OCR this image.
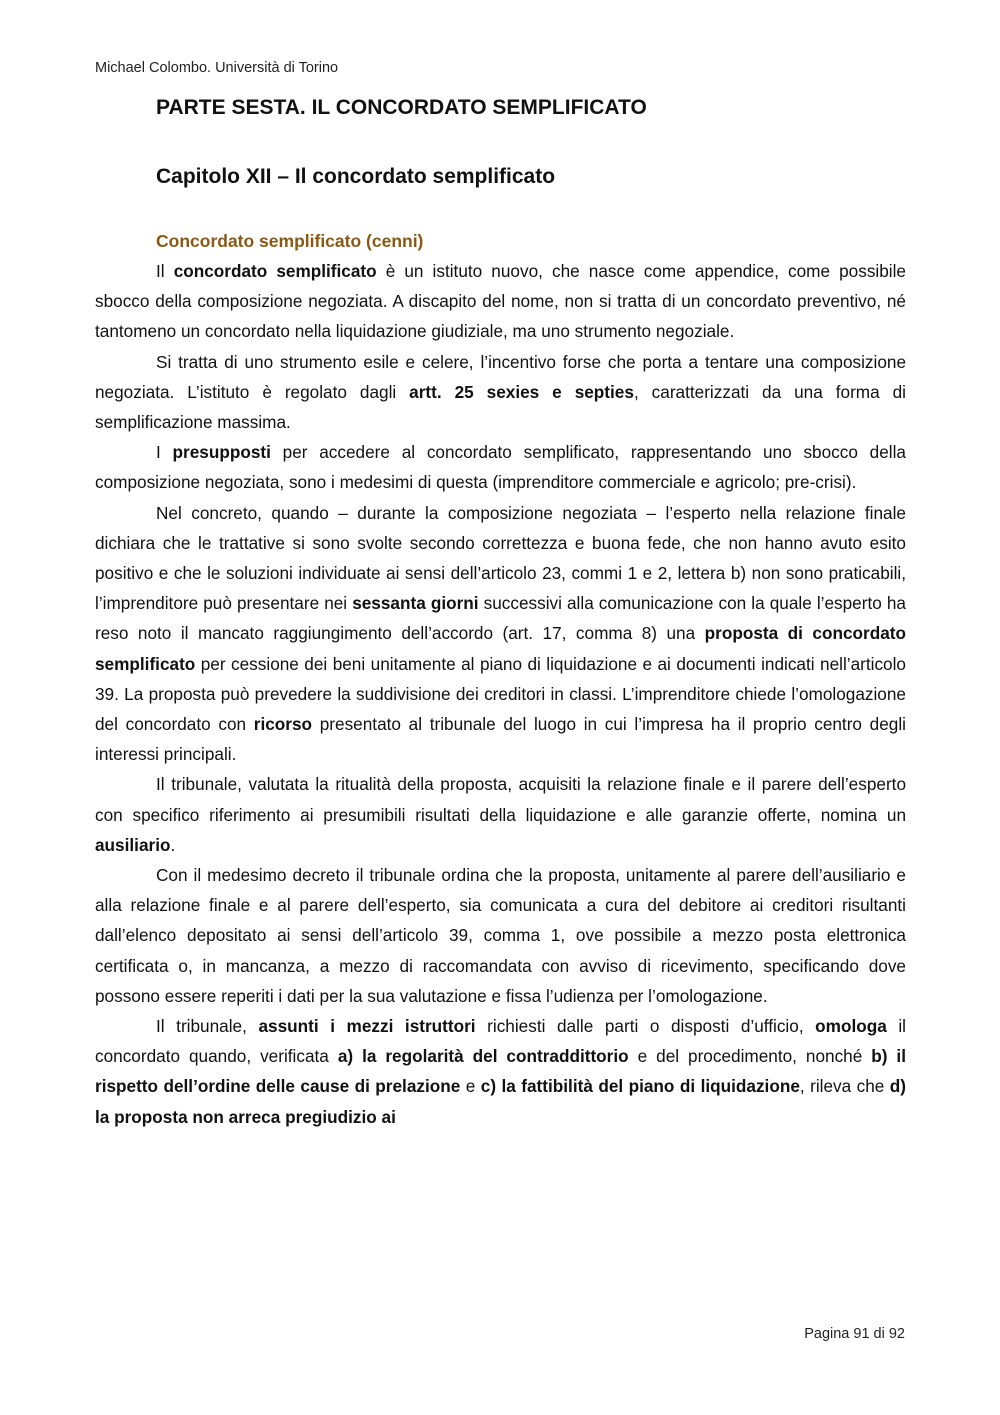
Michael Colombo. Università di Torino
PARTE SESTA. IL CONCORDATO SEMPLIFICATO
Capitolo XII – Il concordato semplificato
Concordato semplificato (cenni)

Il concordato semplificato è un istituto nuovo, che nasce come appendice, come possibile sbocco della composizione negoziata. A discapito del nome, non si tratta di un concordato preventivo, né tantomeno un concordato nella liquidazione giudiziale, ma uno strumento negoziale.

Si tratta di uno strumento esile e celere, l’incentivo forse che porta a tentare una composizione negoziata. L’istituto è regolato dagli artt. 25 sexies e septies, caratterizzati da una forma di semplificazione massima.

I presupposti per accedere al concordato semplificato, rappresentando uno sbocco della composizione negoziata, sono i medesimi di questa (imprenditore commerciale e agricolo; pre-crisi).

Nel concreto, quando – durante la composizione negoziata – l’esperto nella relazione finale dichiara che le trattative si sono svolte secondo correttezza e buona fede, che non hanno avuto esito positivo e che le soluzioni individuate ai sensi dell’articolo 23, commi 1 e 2, lettera b) non sono praticabili, l’imprenditore può presentare nei sessanta giorni successivi alla comunicazione con la quale l’esperto ha reso noto il mancato raggiungimento dell’accordo (art. 17, comma 8) una proposta di concordato semplificato per cessione dei beni unitamente al piano di liquidazione e ai documenti indicati nell’articolo 39. La proposta può prevedere la suddivisione dei creditori in classi. L’imprenditore chiede l’omologazione del concordato con ricorso presentato al tribunale del luogo in cui l’impresa ha il proprio centro degli interessi principali.

Il tribunale, valutata la ritualità della proposta, acquisiti la relazione finale e il parere dell’esperto con specifico riferimento ai presumibili risultati della liquidazione e alle garanzie offerte, nomina un ausiliario.

Con il medesimo decreto il tribunale ordina che la proposta, unitamente al parere dell’ausiliario e alla relazione finale e al parere dell’esperto, sia comunicata a cura del debitore ai creditori risultanti dall’elenco depositato ai sensi dell’articolo 39, comma 1, ove possibile a mezzo posta elettronica certificata o, in mancanza, a mezzo di raccomandata con avviso di ricevimento, specificando dove possono essere reperiti i dati per la sua valutazione e fissa l’udienza per l’omologazione.

Il tribunale, assunti i mezzi istruttori richiesti dalle parti o disposti d’ufficio, omologa il concordato quando, verificata a) la regolarità del contraddittorio e del procedimento, nonché b) il rispetto dell’ordine delle cause di prelazione e c) la fattibilità del piano di liquidazione, rileva che d) la proposta non arreca pregiudizio ai

Pagina 91 di 92
